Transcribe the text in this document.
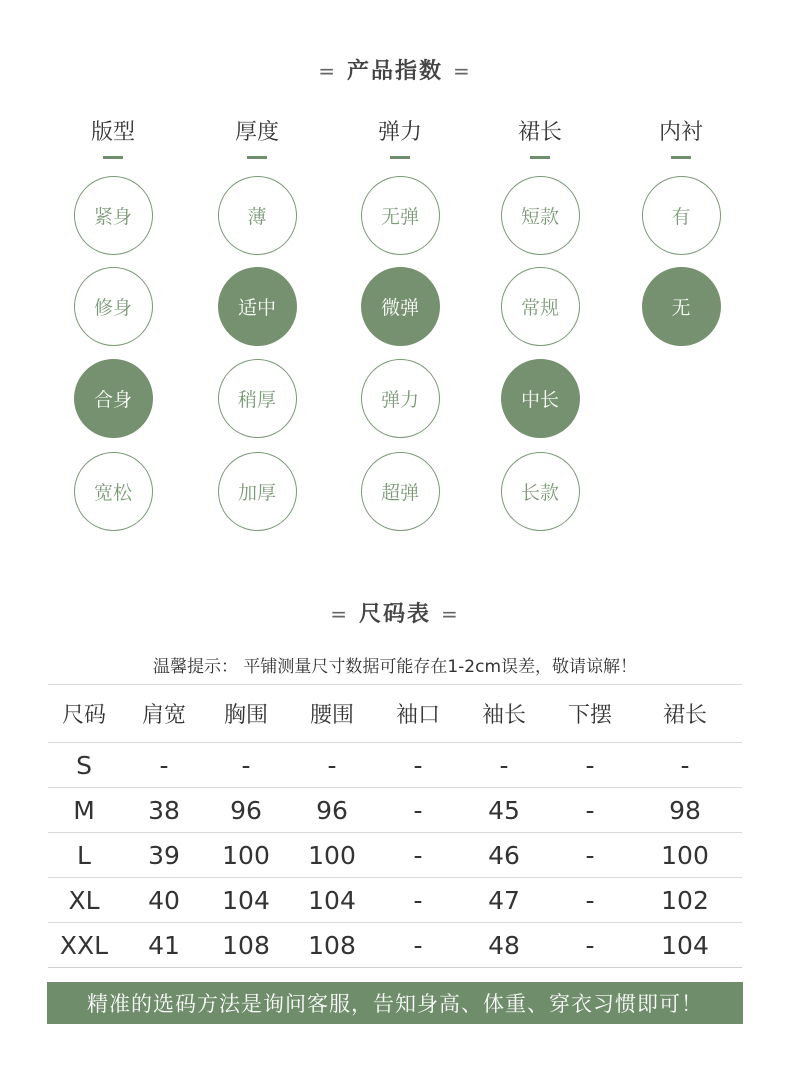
= 产品指数 =
版型
紧身
修身
合身
宽松
厚度
薄
适中
稍厚
加厚
弹力
无弹
微弹
弹力
超弹
裙长
短款
常规
中长
长款
内衬
有
无
= 尺码表 =
温馨提示： 平铺测量尺寸数据可能存在1-2cm误差，敬请谅解！
尺码	肩宽	胸围	腰围	袖口	袖长	下摆	裙长
S	-	-	-	-	-	-	-
M	38	96	96	-	45	-	98
L	39	100	100	-	46	-	100
XL	40	104	104	-	47	-	102
XXL	41	108	108	-	48	-	104
精准的选码方法是询问客服，告知身高、体重、穿衣习惯即可！
